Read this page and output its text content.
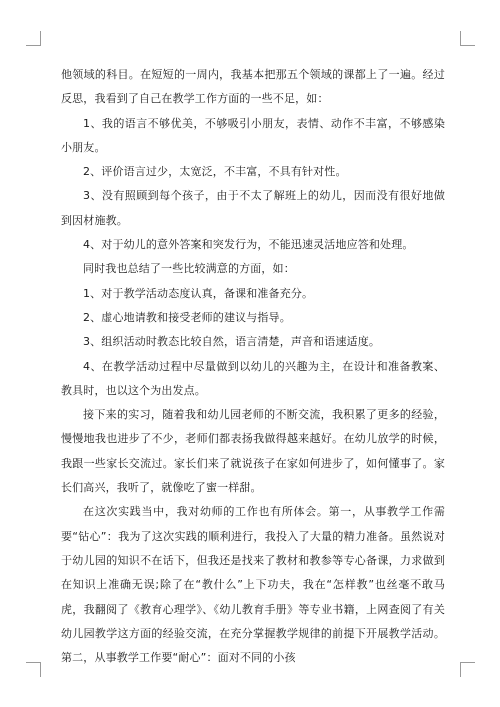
他领域的科目。在短短的一周内，我基本把那五个领域的课都上了一遍。经过反思，我看到了自己在教学工作方面的一些不足，如：

1、我的语言不够优美，不够吸引小朋友，表情、动作不丰富，不够感染小朋友。

2、评价语言过少，太宽泛，不丰富，不具有针对性。

3、没有照顾到每个孩子，由于不太了解班上的幼儿，因而没有很好地做到因材施教。

4、对于幼儿的意外答案和突发行为，不能迅速灵活地应答和处理。

同时我也总结了一些比较满意的方面，如：

1、对于教学活动态度认真，备课和准备充分。

2、虚心地请教和接受老师的建议与指导。

3、组织活动时教态比较自然，语言清楚，声音和语速适度。

4、在教学活动过程中尽量做到以幼儿的兴趣为主，在设计和准备教案、教具时，也以这个为出发点。

接下来的实习，随着我和幼儿园老师的不断交流，我积累了更多的经验，慢慢地我也进步了不少，老师们都表扬我做得越来越好。在幼儿放学的时候，我跟一些家长交流过。家长们来了就说孩子在家如何进步了，如何懂事了。家长们高兴，我听了，就像吃了蜜一样甜。

在这次实践当中，我对幼师的工作也有所体会。第一，从事教学工作需要“钻心”：我为了这次实践的顺利进行，我投入了大量的精力准备。虽然说对于幼儿园的知识不在话下，但我还是找来了教材和教参等专心备课，力求做到在知识上准确无误;除了在“教什么”上下功夫，我在“怎样教”也丝毫不敢马虎，我翻阅了《教育心理学》、《幼儿教育手册》等专业书籍，上网查阅了有关幼儿园教学这方面的经验交流，在充分掌握教学规律的前提下开展教学活动。第二，从事教学工作要“耐心”：面对不同的小孩
